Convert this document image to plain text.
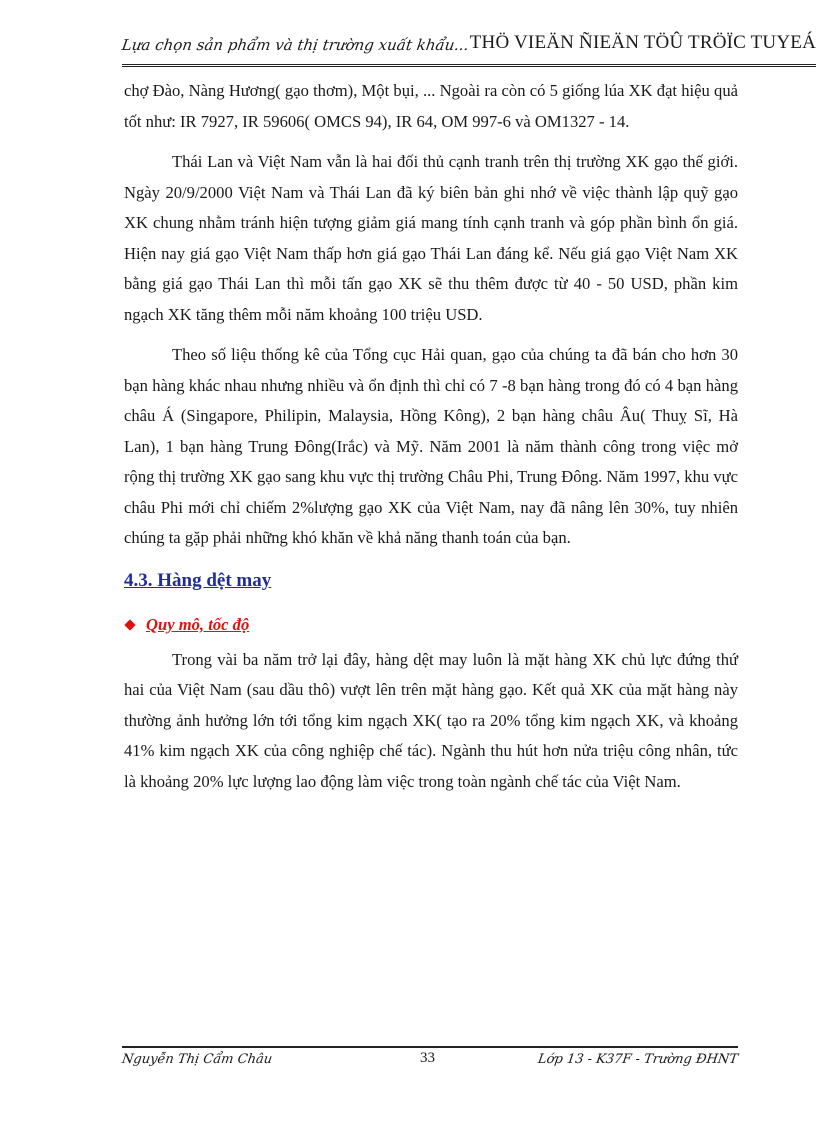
Lựa chọn sản phẩm và thị trường xuất khẩu... THÖ VIEÄN ÑIEÄN TÖÛ TRÖÏC TUYEÁ

chợ Đào, Nàng Hương( gạo thơm), Một bụi, ... Ngoài ra còn có 5 giống lúa XK đạt hiệu quả tốt như: IR 7927, IR 59606( OMCS 94), IR 64, OM 997-6 và OM1327 - 14.

Thái Lan và Việt Nam vẫn là hai đối thủ cạnh tranh trên thị trường XK gạo thế giới. Ngày 20/9/2000 Việt Nam và Thái Lan đã ký biên bản ghi nhớ về việc thành lập quỹ gạo XK chung nhằm tránh hiện tượng giảm giá mang tính cạnh tranh và góp phần bình ổn giá. Hiện nay giá gạo Việt Nam thấp hơn giá gạo Thái Lan đáng kể. Nếu giá gạo Việt Nam XK bằng giá gạo Thái Lan thì mỗi tấn gạo XK sẽ thu thêm được từ 40 - 50 USD, phần kim ngạch XK tăng thêm mỗi năm khoảng 100 triệu USD.

Theo số liệu thống kê của Tổng cục Hải quan, gạo của chúng ta đã bán cho hơn 30 bạn hàng khác nhau nhưng nhiều và ổn định thì chỉ có 7 -8 bạn hàng trong đó có 4 bạn hàng châu Á (Singapore, Philipin, Malaysia, Hồng Kông), 2 bạn hàng châu Âu( Thuỵ Sĩ, Hà Lan), 1 bạn hàng Trung Đông(Irắc) và Mỹ. Năm 2001 là năm thành công trong việc mở rộng thị trường XK gạo sang khu vực thị trường Châu Phi, Trung Đông. Năm 1997, khu vực châu Phi mới chỉ chiếm 2%lượng gạo XK của Việt Nam, nay đã nâng lên 30%, tuy nhiên chúng ta gặp phải những khó khăn về khả năng thanh toán của bạn.

4.3. Hàng dệt may
Quy mô, tốc độ

Trong vài ba năm trở lại đây, hàng dệt may luôn là mặt hàng XK chủ lực đứng thứ hai của Việt Nam (sau dầu thô) vượt lên trên mặt hàng gạo. Kết quả XK của mặt hàng này thường ảnh hưởng lớn tới tổng kim ngạch XK( tạo ra 20% tổng kim ngạch XK, và khoảng 41% kim ngạch XK của công nghiệp chế tác). Ngành thu hút hơn nửa triệu công nhân, tức là khoảng 20% lực lượng lao động làm việc trong toàn ngành chế tác của Việt Nam.

Nguyễn Thị Cẩm Châu	33	Lớp 13 - K37F - Trường ĐHNT
